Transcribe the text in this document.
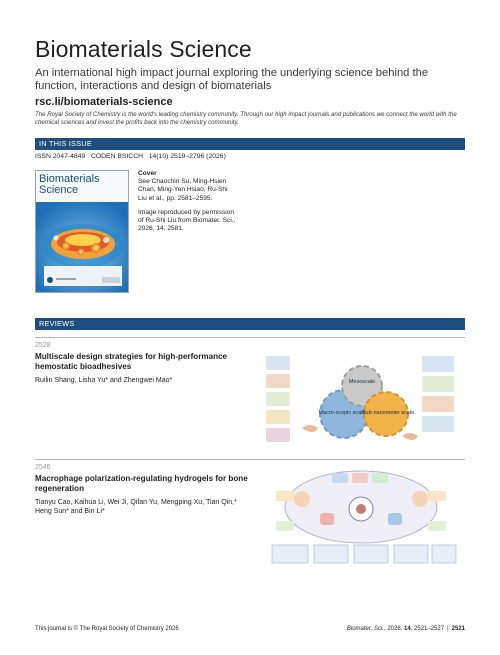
Biomaterials Science
An international high impact journal exploring the underlying science behind the function, interactions and design of biomaterials
rsc.li/biomaterials-science
The Royal Society of Chemistry is the world's leading chemistry community. Through our high impact journals and publications we connect the world with the chemical sciences and invest the profits back into the chemistry community.
IN THIS ISSUE
ISSN 2047-4849 CODEN BSICCH 14(10) 2519–2796 (2026)
Biomaterials Science
Cover
See Chaochin Su, Ming-Hsien Chan, Ming-Yen Hsiao, Ru-Shi Liu et al., pp. 2581–2595.
Image reproduced by permission of Ru-Shi Liu from Biomater. Sci., 2026, 14, 2581.
REVIEWS
2528
Multiscale design strategies for high-performance hemostatic bioadhesives
Ruilin Shang, Lisha Yu* and Zhengwei Mao*	Mesoscale
Macro-scopic scale
Sub-nanometer scale
2546
Macrophage polarization-regulating hydrogels for bone regeneration
Tianyu Cao, Kaihua Li, Wei Ji, Qifan Yu, Mengping Xu, Tian Qin,* Heng Sun* and Bin Li*
This journal is © The Royal Society of Chemistry 2026	Biomater. Sci., 2026, 14, 2521–2527 | 2521
